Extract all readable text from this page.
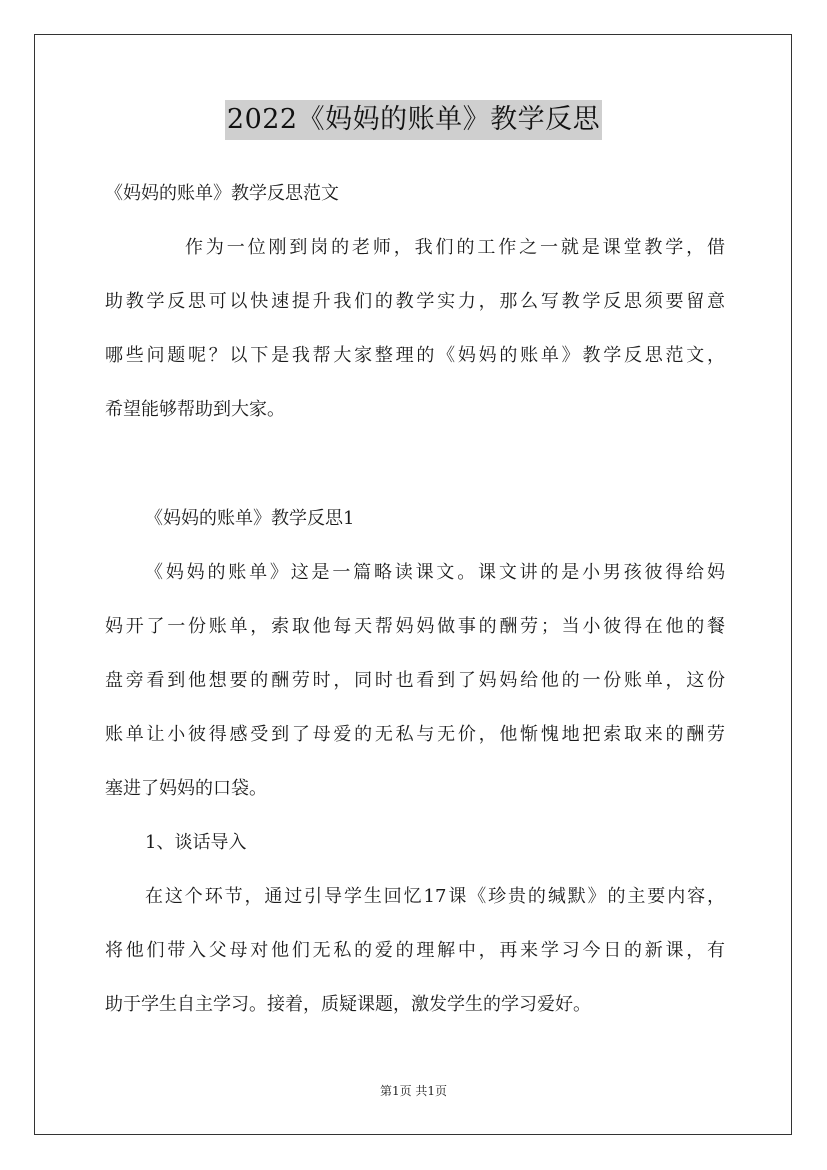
2022《妈妈的账单》教学反思
《妈妈的账单》教学反思范文
作为一位刚到岗的老师，我们的工作之一就是课堂教学，借
助教学反思可以快速提升我们的教学实力，那么写教学反思须要留意
哪些问题呢？以下是我帮大家整理的《妈妈的账单》教学反思范文，
希望能够帮助到大家。
《妈妈的账单》教学反思1
《妈妈的账单》这是一篇略读课文。课文讲的是小男孩彼得给妈
妈开了一份账单，索取他每天帮妈妈做事的酬劳；当小彼得在他的餐
盘旁看到他想要的酬劳时，同时也看到了妈妈给他的一份账单，这份
账单让小彼得感受到了母爱的无私与无价，他惭愧地把索取来的酬劳
塞进了妈妈的口袋。
1、谈话导入
在这个环节，通过引导学生回忆17课《珍贵的缄默》的主要内容，
将他们带入父母对他们无私的爱的理解中，再来学习今日的新课，有
助于学生自主学习。接着，质疑课题，激发学生的学习爱好。
第1页 共1页
